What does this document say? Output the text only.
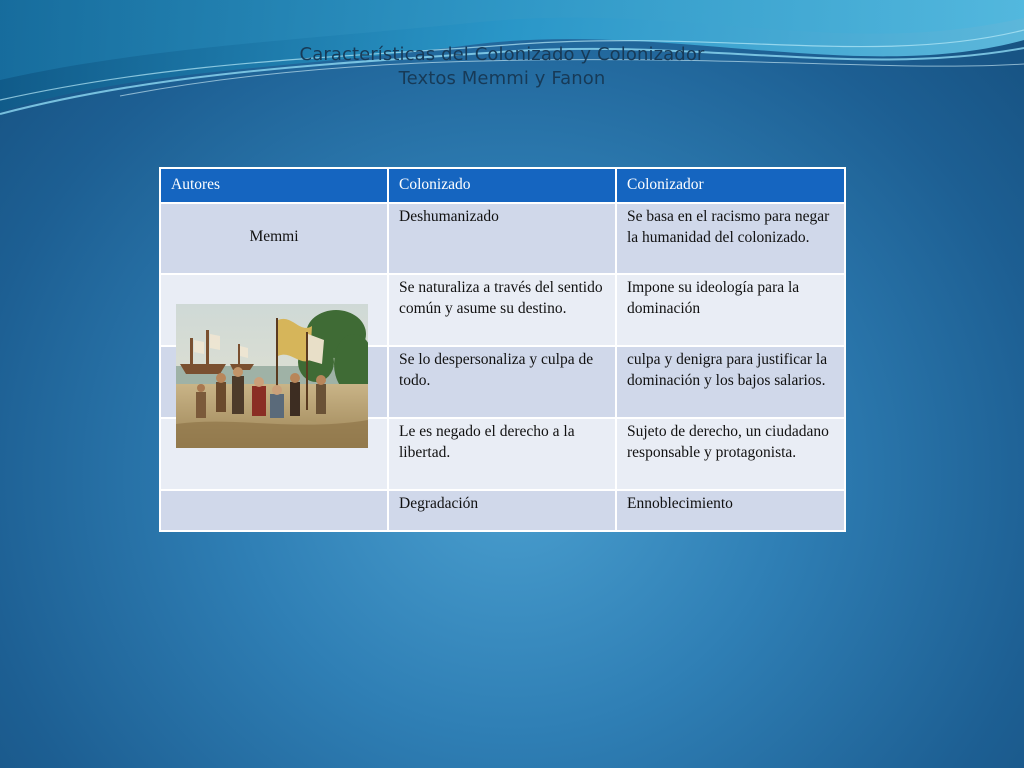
Características del Colonizado y Colonizador
Textos Memmi y Fanon
Autores	Colonizado	Colonizador
Memmi	Deshumanizado	Se basa en el racismo para negar la humanidad del colonizado.
	Se naturaliza a través del sentido común y asume su destino.	Impone su ideología para la dominación
	Se lo despersonaliza y culpa de todo.	culpa y denigra para justificar la dominación y los bajos salarios.
	Le es negado el derecho a la libertad.	Sujeto de derecho, un ciudadano responsable y protagonista.
	Degradación	Ennoblecimiento
